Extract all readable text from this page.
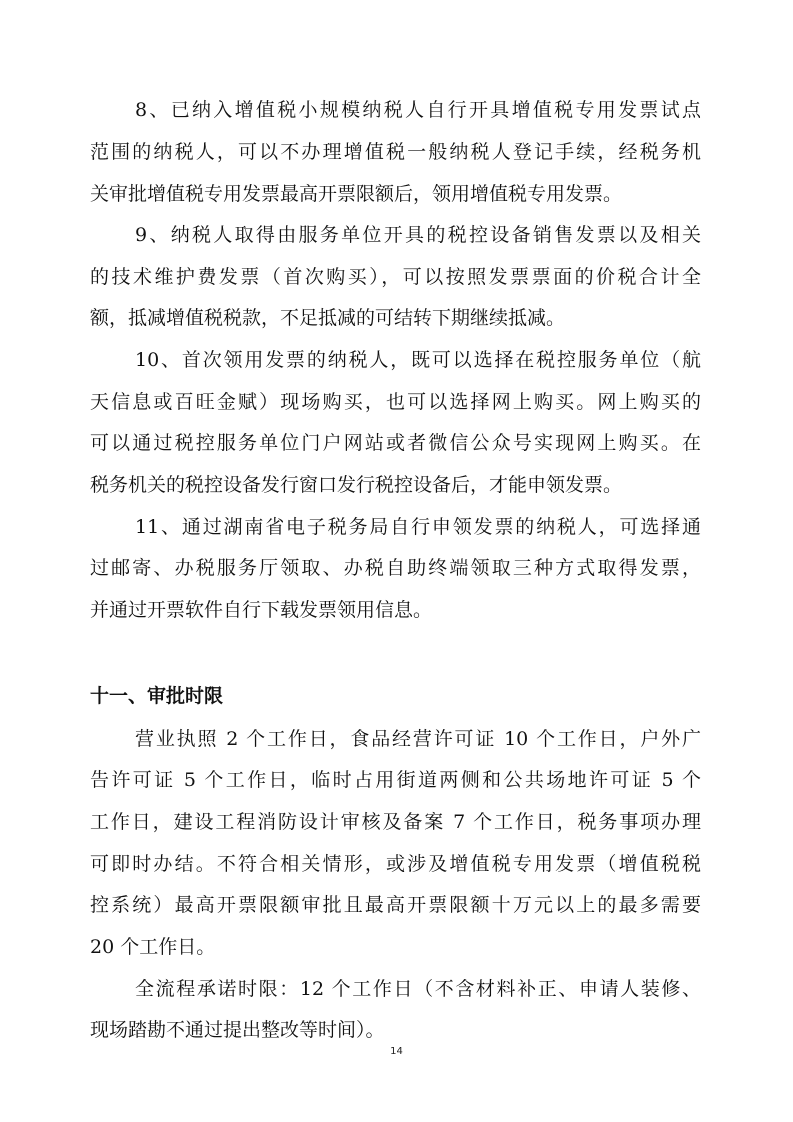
8、已纳入增值税小规模纳税人自行开具增值税专用发票试点
范围的纳税人，可以不办理增值税一般纳税人登记手续，经税务机
关审批增值税专用发票最高开票限额后，领用增值税专用发票。
9、纳税人取得由服务单位开具的税控设备销售发票以及相关
的技术维护费发票（首次购买），可以按照发票票面的价税合计全
额，抵减增值税税款，不足抵减的可结转下期继续抵减。
10、首次领用发票的纳税人，既可以选择在税控服务单位（航
天信息或百旺金赋）现场购买，也可以选择网上购买。网上购买的
可以通过税控服务单位门户网站或者微信公众号实现网上购买。在
税务机关的税控设备发行窗口发行税控设备后，才能申领发票。
11、通过湖南省电子税务局自行申领发票的纳税人，可选择通
过邮寄、办税服务厅领取、办税自助终端领取三种方式取得发票，
并通过开票软件自行下载发票领用信息。
十一、审批时限
营业执照 2 个工作日，食品经营许可证 10 个工作日，户外广
告许可证 5 个工作日，临时占用街道两侧和公共场地许可证 5 个
工作日，建设工程消防设计审核及备案 7 个工作日，税务事项办理
可即时办结。不符合相关情形，或涉及增值税专用发票（增值税税
控系统）最高开票限额审批且最高开票限额十万元以上的最多需要
20 个工作日。
全流程承诺时限：12 个工作日（不含材料补正、申请人装修、
现场踏勘不通过提出整改等时间）。
14
